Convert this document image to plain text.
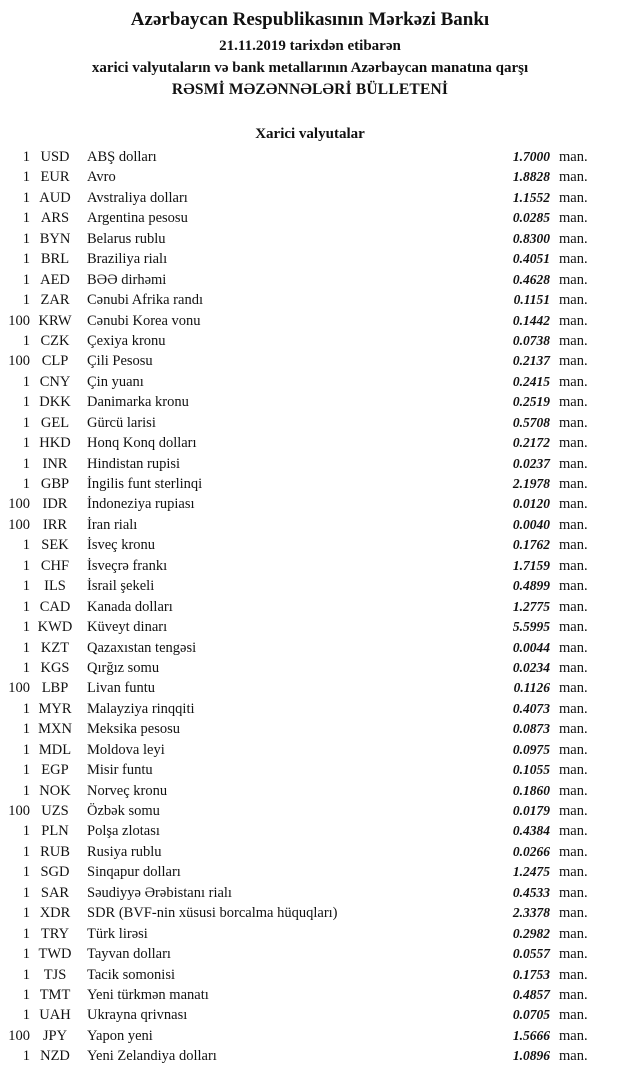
Azərbaycan Respublikasının Mərkəzi Bankı
21.11.2019 tarixdən etibarən
xarici valyutaların və bank metallarının Azərbaycan manatına qarşı
RƏSMİ MƏZƏNNƏLƏRİ BÜLLETENİ
Xarici valyutalar
1 USD	ABŞ dolları	1.7000 man.
1 EUR	Avro	1.8828 man.
1 AUD	Avstraliya dolları	1.1552 man.
1 ARS	Argentina pesosu	0.0285 man.
1 BYN	Belarus rublu	0.8300 man.
1 BRL	Braziliya rialı	0.4051 man.
1 AED	BƏƏ dirhəmi	0.4628 man.
1 ZAR	Cənubi Afrika randı	0.1151 man.
100 KRW	Cənubi Korea vonu	0.1442 man.
1 CZK	Çexiya kronu	0.0738 man.
100 CLP	Çili Pesosu	0.2137 man.
1 CNY	Çin yuanı	0.2415 man.
1 DKK	Danimarka kronu	0.2519 man.
1 GEL	Gürcü larisi	0.5708 man.
1 HKD	Honq Konq dolları	0.2172 man.
1 INR	Hindistan rupisi	0.0237 man.
1 GBP	İngilis funt sterlinqi	2.1978 man.
100 IDR	İndoneziya rupiası	0.0120 man.
100 IRR	İran rialı	0.0040 man.
1 SEK	İsveç kronu	0.1762 man.
1 CHF	İsveçrə frankı	1.7159 man.
1 ILS	İsrail şekeli	0.4899 man.
1 CAD	Kanada dolları	1.2775 man.
1 KWD	Küveyt dinarı	5.5995 man.
1 KZT	Qazaxıstan tengəsi	0.0044 man.
1 KGS	Qırğız somu	0.0234 man.
100 LBP	Livan funtu	0.1126 man.
1 MYR	Malayziya rinqqiti	0.4073 man.
1 MXN	Meksika pesosu	0.0873 man.
1 MDL	Moldova leyi	0.0975 man.
1 EGP	Misir funtu	0.1055 man.
1 NOK	Norveç kronu	0.1860 man.
100 UZS	Özbək somu	0.0179 man.
1 PLN	Polşa zlotası	0.4384 man.
1 RUB	Rusiya rublu	0.0266 man.
1 SGD	Sinqapur dolları	1.2475 man.
1 SAR	Səudiyyə Ərəbistanı rialı	0.4533 man.
1 XDR	SDR (BVF-nin xüsusi borcalma hüquqları)	2.3378 man.
1 TRY	Türk lirəsi	0.2982 man.
1 TWD	Tayvan dolları	0.0557 man.
1 TJS	Tacik somonisi	0.1753 man.
1 TMT	Yeni türkmən manatı	0.4857 man.
1 UAH	Ukrayna qrivnası	0.0705 man.
100 JPY	Yapon yeni	1.5666 man.
1 NZD	Yeni Zelandiya dolları	1.0896 man.
